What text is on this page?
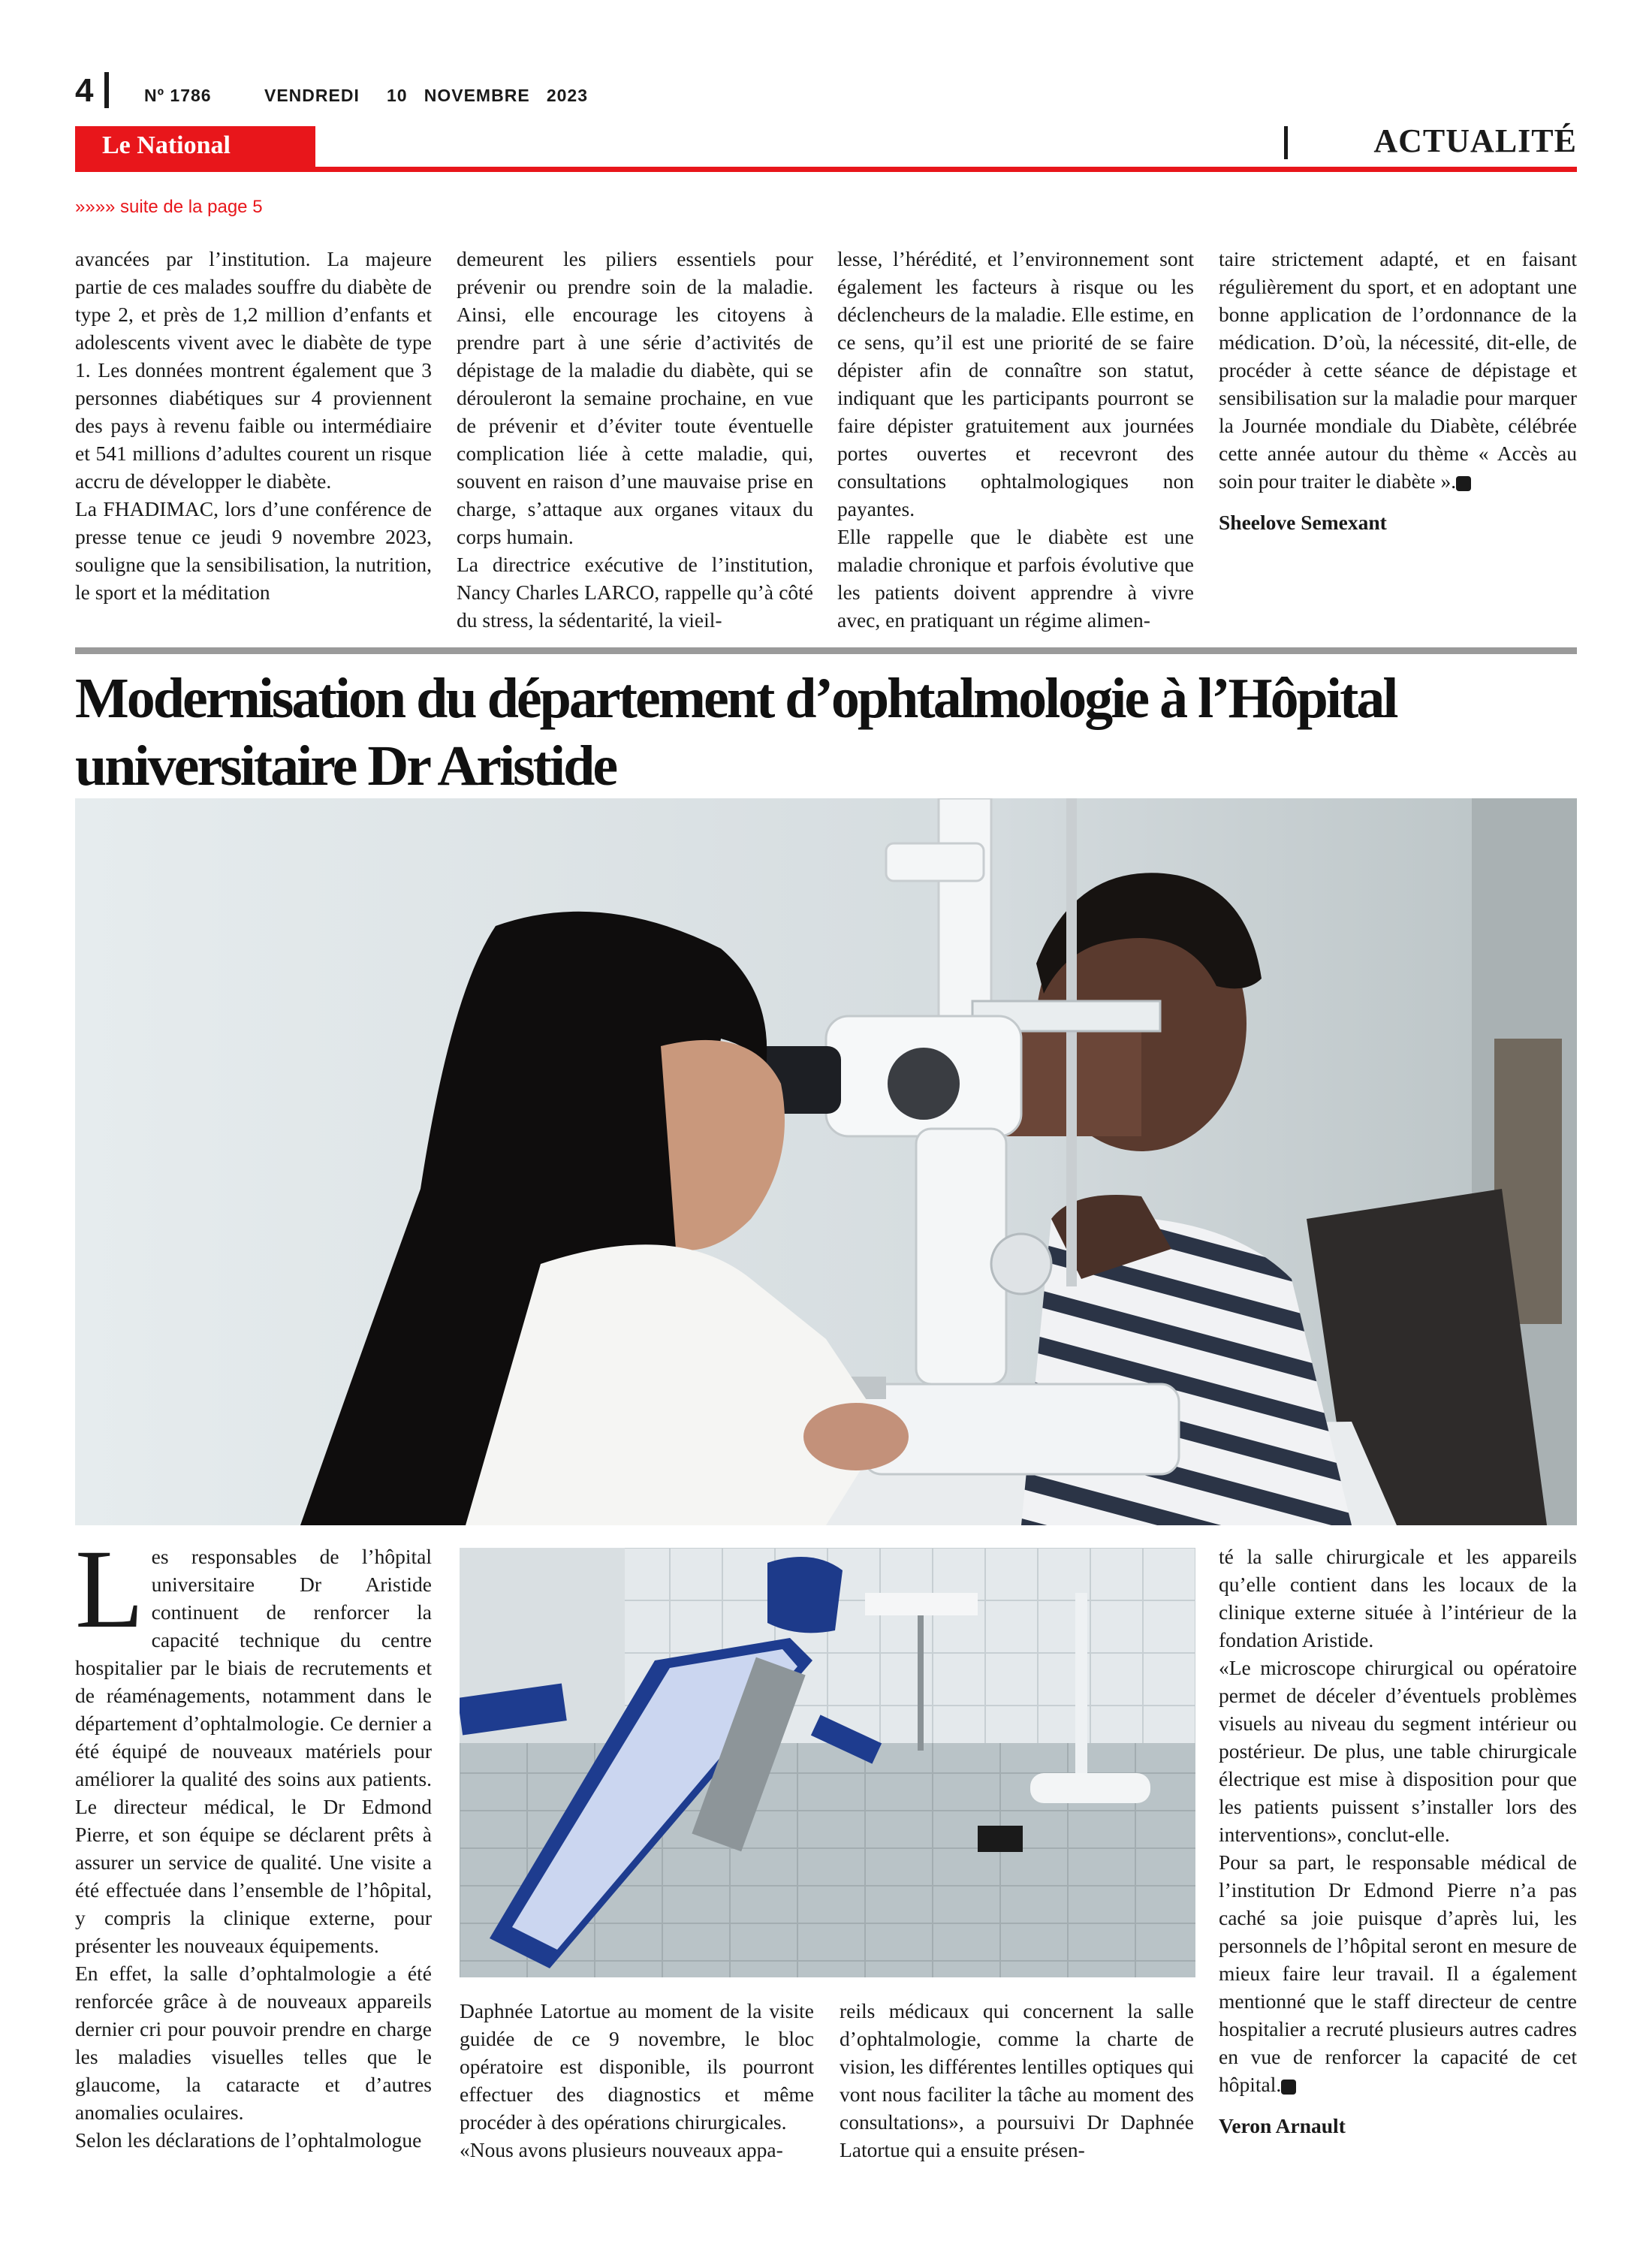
4	Nº 1786	VENDREDI 10   NOVEMBRE   2023
Le National	ACTUALITÉ
»»»» suite de la page 5

avancées par l’institution. La majeure partie de ces malades souffre du diabète de type 2, et près de 1,2 million d’enfants et adolescents vivent avec le diabète de type 1. Les données montrent également que 3 personnes diabétiques sur 4 proviennent des pays à revenu faible ou intermédiaire et 541 millions d’adultes courent un risque accru de développer le diabète.

La FHADIMAC, lors d’une conférence de presse tenue ce jeudi 9 novembre 2023, souligne que la sensibilisation, la nutrition, le sport et la méditation

demeurent les piliers essentiels pour prévenir ou prendre soin de la maladie. Ainsi, elle encourage les citoyens à prendre part à une série d’activités de dépistage de la maladie du diabète, qui se dérouleront la semaine prochaine, en vue de prévenir et d’éviter toute éventuelle complication liée à cette maladie, qui, souvent en raison d’une mauvaise prise en charge, s’attaque aux organes vitaux du corps humain.

La directrice exécutive de l’institution, Nancy Charles LARCO, rappelle qu’à côté du stress, la sédentarité, la vieil-

lesse, l’hérédité, et l’environnement sont également les facteurs à risque ou les déclencheurs de la maladie. Elle estime, en ce sens, qu’il est une priorité de se faire dépister afin de connaître son statut, indiquant que les participants pourront se faire dépister gratuitement aux journées portes ouvertes et recevront des consultations ophtalmologiques non payantes.

Elle rappelle que le diabète est une maladie chronique et parfois évolutive que les patients doivent apprendre à vivre avec, en pratiquant un régime alimen-

taire strictement adapté, et en faisant régulièrement du sport, et en adoptant une bonne application de l’ordonnance de la médication. D’où, la nécessité, dit-elle, de procéder à cette séance de dépistage et sensibilisation sur la maladie pour marquer la Journée mondiale du Diabète, célébrée cette année autour du thème « Accès au soin pour traiter le diabète ».

Sheelove Semexant

Modernisation du département d’ophtalmologie à l’Hôpital universitaire Dr Aristide

Les responsables de l’hôpital universitaire Dr Aristide continuent de renforcer la capacité technique du centre hospitalier par le biais de recrutements et de réaménagements, notamment dans le département d’ophtalmologie. Ce dernier a été équipé de nouveaux matériels pour améliorer la qualité des soins aux patients. Le directeur médical, le Dr Edmond Pierre, et son équipe se déclarent prêts à assurer un service de qualité. Une visite a été effectuée dans l’ensemble de l’hôpital, y compris la clinique externe, pour présenter les nouveaux équipements.

En effet, la salle d’ophtalmologie a été renforcée grâce à de nouveaux appareils dernier cri pour pouvoir prendre en charge les maladies visuelles telles que le glaucome, la cataracte et d’autres anomalies oculaires.

Selon les déclarations de l’ophtalmologue

Daphnée Latortue au moment de la visite guidée de ce 9 novembre, le bloc opératoire est disponible, ils pourront effectuer des diagnostics et même procéder à des opérations chirurgicales.

«Nous avons plusieurs nouveaux appa-

reils médicaux qui concernent la salle d’ophtalmologie, comme la charte de vision, les différentes lentilles optiques qui vont nous faciliter la tâche au moment des consultations», a poursuivi Dr Daphnée Latortue qui a ensuite présen-

té la salle chirurgicale et les appareils qu’elle contient dans les locaux de la clinique externe située à l’intérieur de la fondation Aristide.

«Le microscope chirurgical ou opératoire permet de déceler d’éventuels problèmes visuels au niveau du segment intérieur ou postérieur. De plus, une table chirurgicale électrique est mise à disposition pour que les patients puissent s’installer lors des interventions», conclut-elle.

Pour sa part, le responsable médical de l’institution Dr Edmond Pierre n’a pas caché sa joie puisque d’après lui, les personnels de l’hôpital seront en mesure de mieux faire leur travail. Il a également mentionné que le staff directeur de centre hospitalier a recruté plusieurs autres cadres en vue de renforcer la capacité de cet hôpital.

Veron Arnault
